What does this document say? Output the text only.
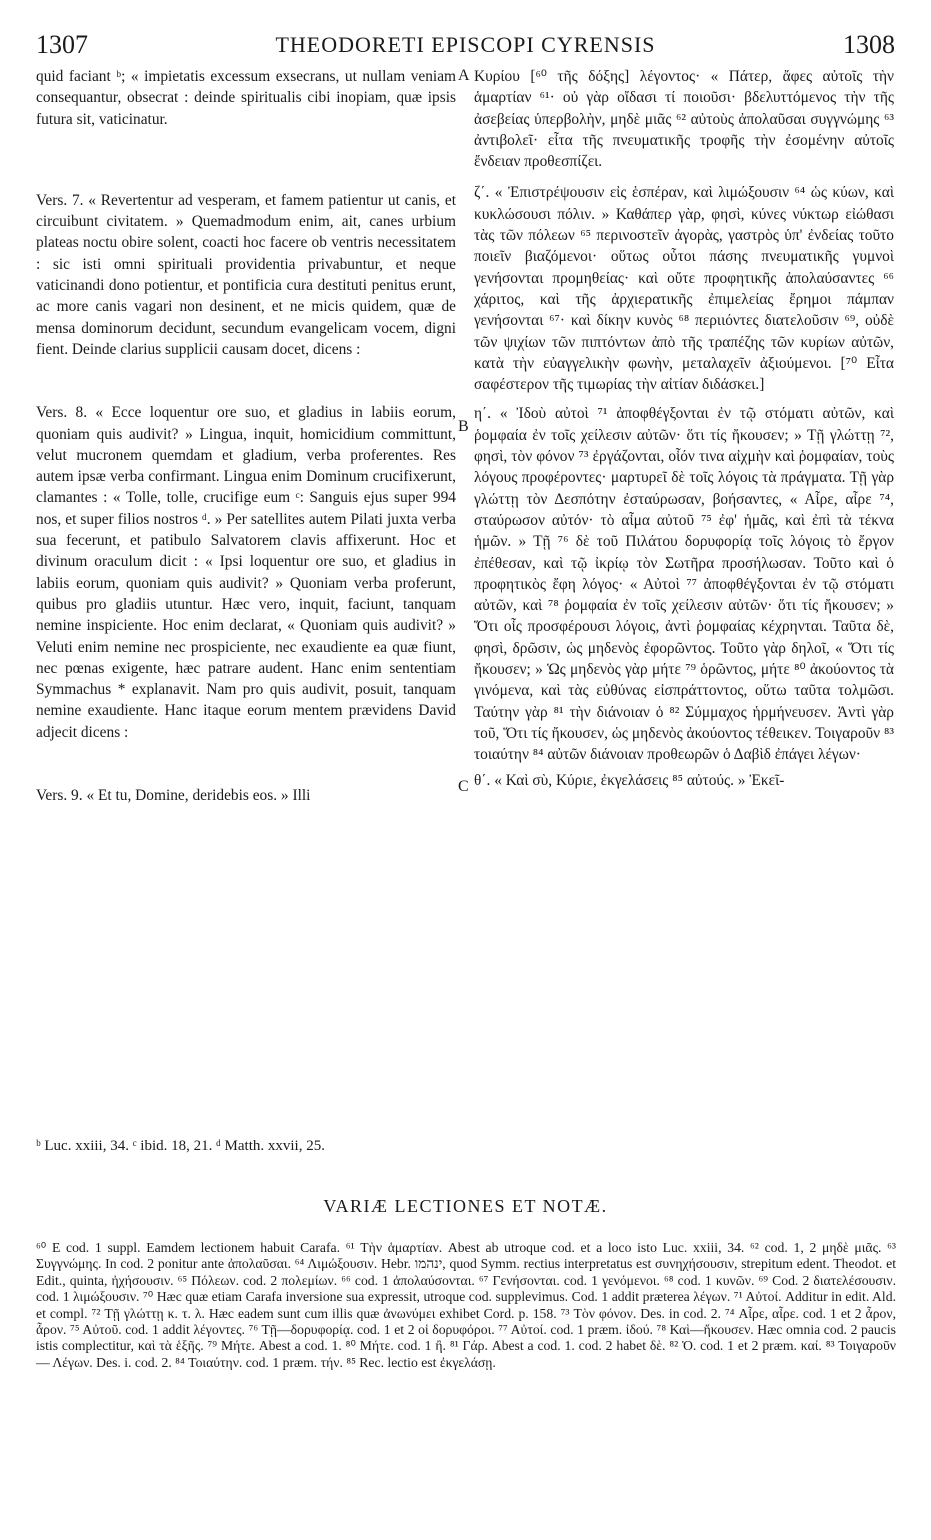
1307	THEODORETI EPISCOPI CYRENSIS	1308

quid faciant ᵇ; « impietatis excessum exsecrans, ut nullam veniam consequantur, obsecrat : deinde spiritualis cibi inopiam, quæ ipsis futura sit, vaticinatur.

Vers. 7. « Revertentur ad vesperam, et famem patientur ut canis, et circuibunt civitatem. » Quemadmodum enim, ait, canes urbium plateas noctu obire solent, coacti hoc facere ob ventris necessitatem : sic isti omni spirituali providentia privabuntur, et neque vaticinandi dono potientur, et pontificia cura destituti penitus erunt, ac more canis vagari non desinent, et ne micis quidem, quæ de mensa dominorum decidunt, secundum evangelicam vocem, digni fient. Deinde clarius supplicii causam docet, dicens :

Vers. 8. « Ecce loquentur ore suo, et gladius in labiis eorum, quoniam quis audivit? » Lingua, inquit, homicidium committunt, velut mucronem quemdam et gladium, verba proferentes. Res autem ipsæ verba confirmant. Lingua enim Dominum crucifixerunt, clamantes : « Tolle, tolle, crucifige eum ᶜ: Sanguis ejus super 994 nos, et super filios nostros ᵈ. » Per satellites autem Pilati juxta verba sua fecerunt, et patibulo Salvatorem clavis affixerunt. Hoc et divinum oraculum dicit : « Ipsi loquentur ore suo, et gladius in labiis eorum, quoniam quis audivit? » Quoniam verba proferunt, quibus pro gladiis utuntur. Hæc vero, inquit, faciunt, tanquam nemine inspiciente. Hoc enim declarat, « Quoniam quis audivit? » Veluti enim nemine nec prospiciente, nec exaudiente ea quæ fiunt, nec pœnas exigente, hæc patrare audent. Hanc enim sententiam Symmachus * explanavit. Nam pro quis audivit, posuit, tanquam nemine exaudiente. Hanc itaque eorum mentem prævidens David adjecit dicens :

Vers. 9. « Et tu, Domine, deridebis eos. » Illi

A
B
C

Κυρίου [⁶⁰ τῆς δόξης] λέγοντος· « Πάτερ, ἄφες αὐτοῖς τὴν ἁμαρτίαν ⁶¹· οὐ γὰρ οἴδασι τί ποιοῦσι· βδελυττόμενος τὴν τῆς ἀσεβείας ὑπερβολὴν, μηδὲ μιᾶς ⁶² αὐτοὺς ἀπολαῦσαι συγγνώμης ⁶³ ἀντιβολεῖ· εἶτα τῆς πνευματικῆς τροφῆς τὴν ἐσομένην αὐτοῖς ἔνδειαν προθεσπίζει.

ζ΄. « Ἐπιστρέψουσιν εἰς ἑσπέραν, καὶ λιμώξουσιν ⁶⁴ ὡς κύων, καὶ κυκλώσουσι πόλιν. » Καθάπερ γὰρ, φησὶ, κύνες νύκτωρ εἰώθασι τὰς τῶν πόλεων ⁶⁵ περινοστεῖν ἀγορὰς, γαστρὸς ὑπ' ἐνδείας τοῦτο ποιεῖν βιαζόμενοι· οὕτως οὗτοι πάσης πνευματικῆς γυμνοὶ γενήσονται προμηθείας· καὶ οὔτε προφητικῆς ἀπολαύσαντες ⁶⁶ χάριτος, καὶ τῆς ἀρχιερατικῆς ἐπιμελείας ἔρημοι πάμπαν γενήσονται ⁶⁷· καὶ δίκην κυνὸς ⁶⁸ περιιόντες διατελοῦσιν ⁶⁹, οὐδὲ τῶν ψιχίων τῶν πιπτόντων ἀπὸ τῆς τραπέζης τῶν κυρίων αὐτῶν, κατὰ τὴν εὐαγγελικὴν φωνὴν, μεταλαχεῖν ἀξιούμενοι. [⁷⁰ Εἶτα σαφέστερον τῆς τιμωρίας τὴν αἰτίαν διδάσκει.]

η΄. « Ἰδοὺ αὐτοὶ ⁷¹ ἀποφθέγξονται ἐν τῷ στόματι αὐτῶν, καὶ ῥομφαία ἐν τοῖς χείλεσιν αὐτῶν· ὅτι τίς ἤκουσεν; » Τῇ γλώττῃ ⁷², φησὶ, τὸν φόνον ⁷³ ἐργάζονται, οἷόν τινα αἰχμὴν καὶ ῥομφαίαν, τοὺς λόγους προφέροντες· μαρτυρεῖ δὲ τοῖς λόγοις τὰ πράγματα. Τῇ γὰρ γλώττῃ τὸν Δεσπότην ἐσταύρωσαν, βοήσαντες, « Αἶρε, αἶρε ⁷⁴, σταύρωσον αὐτόν· τὸ αἷμα αὐτοῦ ⁷⁵ ἐφ' ἡμᾶς, καὶ ἐπὶ τὰ τέκνα ἡμῶν. » Τῇ ⁷⁶ δὲ τοῦ Πιλάτου δορυφορίᾳ τοῖς λόγοις τὸ ἔργον ἐπέθεσαν, καὶ τῷ ἰκρίῳ τὸν Σωτῆρα προσήλωσαν. Τοῦτο καὶ ὁ προφητικὸς ἔφη λόγος· « Αὐτοὶ ⁷⁷ ἀποφθέγξονται ἐν τῷ στόματι αὐτῶν, καὶ ⁷⁸ ῥομφαία ἐν τοῖς χείλεσιν αὐτῶν· ὅτι τίς ἤκουσεν; » Ὅτι οἷς προσφέρουσι λόγοις, ἀντὶ ῥομφαίας κέχρηνται. Ταῦτα δὲ, φησὶ, δρῶσιν, ὡς μηδενὸς ἐφορῶντος. Τοῦτο γὰρ δηλοῖ, « Ὅτι τίς ἤκουσεν; » Ὡς μηδενὸς γὰρ μήτε ⁷⁹ ὁρῶντος, μήτε ⁸⁰ ἀκούοντος τὰ γινόμενα, καὶ τὰς εὐθύνας εἰσπράττοντος, οὕτω ταῦτα τολμῶσι. Ταύτην γὰρ ⁸¹ τὴν διάνοιαν ὁ ⁸² Σύμμαχος ἡρμήνευσεν. Ἀντὶ γὰρ τοῦ, Ὅτι τίς ἤκουσεν, ὡς μηδενὸς ἀκούοντος τέθεικεν. Τοιγαροῦν ⁸³ τοιαύτην ⁸⁴ αὐτῶν διάνοιαν προθεωρῶν ὁ Δαβὶδ ἐπάγει λέγων·

θ΄. « Καὶ σὺ, Κύριε, ἐκγελάσεις ⁸⁵ αὐτούς. » Ἐκεῖ-

ᵇ Luc. xxiii, 34. ᶜ ibid. 18, 21. ᵈ Matth. xxvii, 25.
VARIÆ LECTIONES ET NOTÆ.

⁶⁰ E cod. 1 suppl. Eamdem lectionem habuit Carafa. ⁶¹ Τὴν ἁμαρτίαν. Abest ab utroque cod. et a loco isto Luc. xxiii, 34. ⁶² cod. 1, 2 μηδὲ μιᾶς. ⁶³ Συγγνώμης. In cod. 2 ponitur ante ἀπολαῦσαι. ⁶⁴ Λιμώξουσιν. Hebr. ינהמו, quod Symm. rectius interpretatus est συνηχήσουσιν, strepitum edent. Theodot. et Edit., quinta, ἠχήσουσιν. ⁶⁵ Πόλεων. cod. 2 πολεμίων. ⁶⁶ cod. 1 ἀπολαύσονται. ⁶⁷ Γενήσονται. cod. 1 γενόμενοι. ⁶⁸ cod. 1 κυνῶν. ⁶⁹ Cod. 2 διατελέσουσιν. cod. 1 λιμώξουσιν. ⁷⁰ Hæc quæ etiam Carafa inversione sua expressit, utroque cod. supplevimus. Cod. 1 addit præterea λέγων. ⁷¹ Αὐτοί. Additur in edit. Ald. et compl. ⁷² Τῇ γλώττῃ κ. τ. λ. Hæc eadem sunt cum illis quæ ἀνωνύμει exhibet Cord. p. 158. ⁷³ Τὸν φόνον. Des. in cod. 2. ⁷⁴ Αἶρε, αἶρε. cod. 1 et 2 ἆρον, ἆρον. ⁷⁵ Αὐτοῦ. cod. 1 addit λέγοντες. ⁷⁶ Τῇ—δορυφορίᾳ. cod. 1 et 2 οἱ δορυφόροι. ⁷⁷ Αὐτοί. cod. 1 præm. ἰδού. ⁷⁸ Καὶ—ἤκουσεν. Hæc omnia cod. 2 paucis istis complectitur, καὶ τὰ ἑξῆς. ⁷⁹ Μήτε. Abest a cod. 1. ⁸⁰ Μήτε. cod. 1 ἢ. ⁸¹ Γάρ. Abest a cod. 1. cod. 2 habet δὲ. ⁸² Ὁ. cod. 1 et 2 præm. καί. ⁸³ Τοιγαροῦν — Λέγων. Des. i. cod. 2. ⁸⁴ Τοιαύτην. cod. 1 præm. τήν. ⁸⁵ Rec. lectio est ἐκγελάσῃ.
